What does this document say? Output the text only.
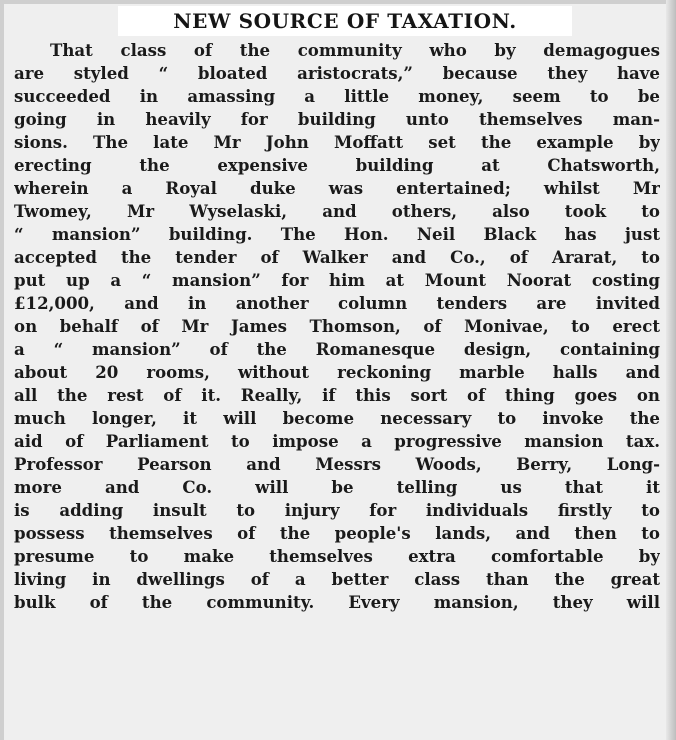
NEW SOURCE OF TAXATION.
That class of the community who by demagogues
are styled “ bloated aristocrats,” because they have
succeeded in amassing a little money, seem to be
going in heavily for building unto themselves man-
sions. The late Mr John Moffatt set the example by
erecting the expensive building at Chatsworth,
wherein a Royal duke was entertained; whilst Mr
Twomey, Mr Wyselaski, and others, also took to
“ mansion” building. The Hon. Neil Black has just
accepted the tender of Walker and Co., of Ararat, to
put up a “ mansion” for him at Mount Noorat costing
£12,000, and in another column tenders are invited
on behalf of Mr James Thomson, of Monivae, to erect
a “ mansion” of the Romanesque design, containing
about 20 rooms, without reckoning marble halls and
all the rest of it. Really, if this sort of thing goes on
much longer, it will become necessary to invoke the
aid of Parliament to impose a progressive mansion tax.
Professor Pearson and Messrs Woods, Berry, Long-
more and Co. will be telling us that it
is adding insult to injury for individuals firstly to
possess themselves of the people's lands, and then to
presume to make themselves extra comfortable by
living in dwellings of a better class than the great
bulk of the community. Every mansion, they will
